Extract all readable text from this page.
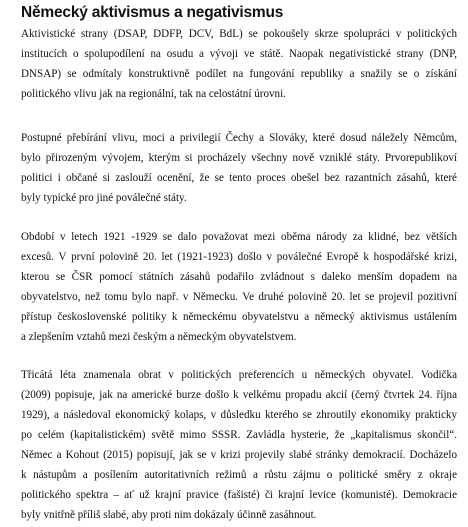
Německý aktivismus a negativismus
Aktivistické strany (DSAP, DDFP, DCV, BdL) se pokoušely skrze spolupráci v politických
institucích o spolupodílení na osudu a vývoji ve státě. Naopak negativistické strany (DNP,
DNSAP) se odmítaly konstruktivně podílet na fungování republiky a snažily se o získání
politického vlivu jak na regionální, tak na celostátní úrovni.
Postupné přebírání vlivu, moci a privilegií Čechy a Slováky, které dosud náležely Němcům,
bylo přirozeným vývojem, kterým si procházely všechny nově vzniklé státy. Prvorepublikoví
politici i občané si zaslouží ocenění, že se tento proces obešel bez razantních zásahů, které
byly typické pro jiné poválečné státy.
Období v letech 1921 -1929 se dalo považovat mezi oběma národy za klidné, bez větších
excesů. V první polovině 20. let (1921-1923) došlo v poválečné Evropě k hospodářské krizi,
kterou se ČSR pomocí státních zásahů podařilo zvládnout s daleko menším dopadem na
obyvatelstvo, než tomu bylo např. v Německu. Ve druhé polovině 20. let se projevil pozitivní
přístup československé politiky k německému obyvatelstvu a německý aktivismus ustálením
a zlepšením vztahů mezi českým a německým obyvatelstvem.
Třicátá léta znamenala obrat v politických preferencích u německých obyvatel. Vodička
(2009) popisuje, jak na americké burze došlo k velkému propadu akcií (černý čtvrtek 24. října
1929), a následoval ekonomický kolaps, v důsledku kterého se zhroutily ekonomiky prakticky
po celém (kapitalistickém) světě mimo SSSR. Zavládla hysterie, že „kapitalismus skončil“.
Němec a Kohout (2015) popisují, jak se v krizi projevily slabé stránky demokracií. Docházelo
k nástupům a posílením autoritativních režimů a růstu zájmu o politické směry z okraje
politického spektra – ať už krajní pravice (fašisté) či krajní levice (komunisté). Demokracie
byly vnitřně příliš slabé, aby proti nim dokázaly účinně zasáhnout.
